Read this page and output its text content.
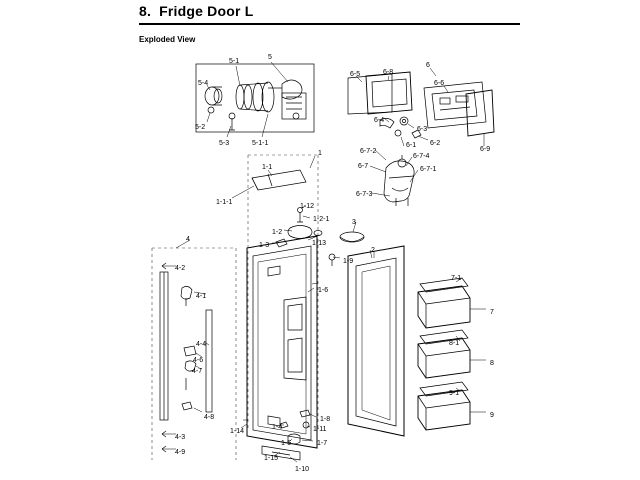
8. Fridge Door L
Exploded View
5-1
5
5-4
5-2
5-3	5-1-1
6-5	6-8
6
6-6
6-4
6-3
6-2
6-1
6-9
6-7-2
6-7-4
6-7	6-7-1
6-7-3
1
1-1
1-1-1
1-12
1-2-1	3
1-2
1-13
1-3
2
1-9
4
4-2
7-1
1-6
4-1
7
4-4	8-1
4-6	8
4-7
9-1
4-8	1-8
9
1-14
1-4	1-11
4-3
1-5	1-7
4-9
1-15
1-10
